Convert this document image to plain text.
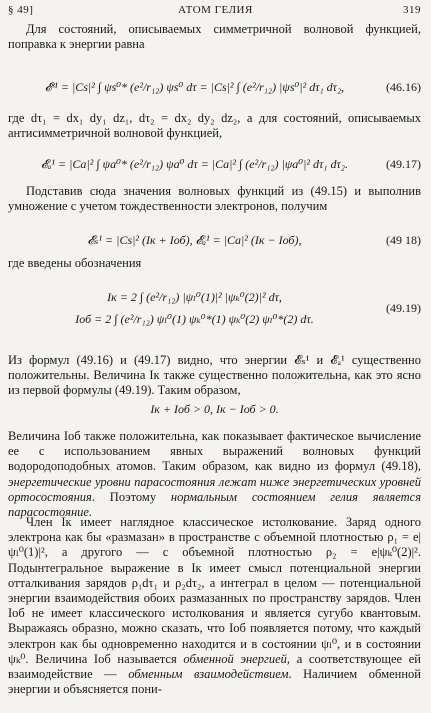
§ 49]	АТОМ ГЕЛИЯ	319

Для состояний, описываемых симметричной волновой функцией, поправка к энергии равна

𝓔ˢ¹ = |Cs|² ∫ ψs⁰* (e²/r₁₂) ψs⁰ dτ = |Cs|² ∫ (e²/r₁₂) |ψs⁰|² dτ₁ dτ₂,	(46.16)

где dτ₁ = dx₁ dy₁ dz₁, dτ₂ = dx₂ dy₂ dz₂, а для состояний, описываемых антисимметричной волновой функцией,

𝓔ₐ¹ = |Ca|² ∫ ψa⁰* (e²/r₁₂) ψa⁰ dτ = |Ca|² ∫ (e²/r₁₂) |ψa⁰|² dτ₁ dτ₂.	(49.17)

Подставив сюда значения волновых функций из (49.15) и выполнив умножение с учетом тождественности электронов, получим

𝓔ₛ¹ = |Cs|² (Iк + Iоб), 𝓔ₐ¹ = |Ca|² (Iк − Iоб),	(49 18)

где введены обозначения

Iк = 2 ∫ (e²/r₁₂) |ψₗ⁰(1)|² |ψₖ⁰(2)|² dτ,
Iоб = 2 ∫ (e²/r₁₂) ψₗ⁰(1) ψₖ⁰*(1) ψₖ⁰(2) ψₗ⁰*(2) dτ.
(49.19)

Из формул (49.16) и (49.17) видно, что энергии 𝓔ₛ¹ и 𝓔ₐ¹ существенно положительны. Величина Iк также существенно положительна, как это ясно из первой формулы (49.19). Таким образом,

Iк + Iоб > 0, Iк − Iоб > 0.

Величина Iоб также положительна, как показывает фактическое вычисление ее с использованием явных выражений волновых функций водородоподобных атомов. Таким образом, как видно из формул (49.18), энергетические уровни парасостояния лежат ниже энергетических уровней ортосостояния. Поэтому нормальным состоянием гелия является парасостояние.

Член Iк имеет наглядное классическое истолкование. Заряд одного электрона как бы «размазан» в пространстве с объемной плотностью ρ₁ = e|ψₗ⁰(1)|², а другого — с объемной плотностью ρ₂ = e|ψₖ⁰(2)|². Подынтегральное выражение в Iк имеет смысл потенциальной энергии отталкивания зарядов ρ₁dτ₁ и ρ₂dτ₂, а интеграл в целом — потенциальной энергии взаимодействия обоих размазанных по пространству зарядов. Член Iоб не имеет классического истолкования и является сугубо квантовым. Выражаясь образно, можно сказать, что Iоб появляется потому, что каждый электрон как бы одновременно находится и в состоянии ψₗ⁰, и в состоянии ψₖ⁰. Величина Iоб называется обменной энергией, а соответствующее ей взаимодействие — обменным взаимодействием. Наличием обменной энергии и объясняется пони-
